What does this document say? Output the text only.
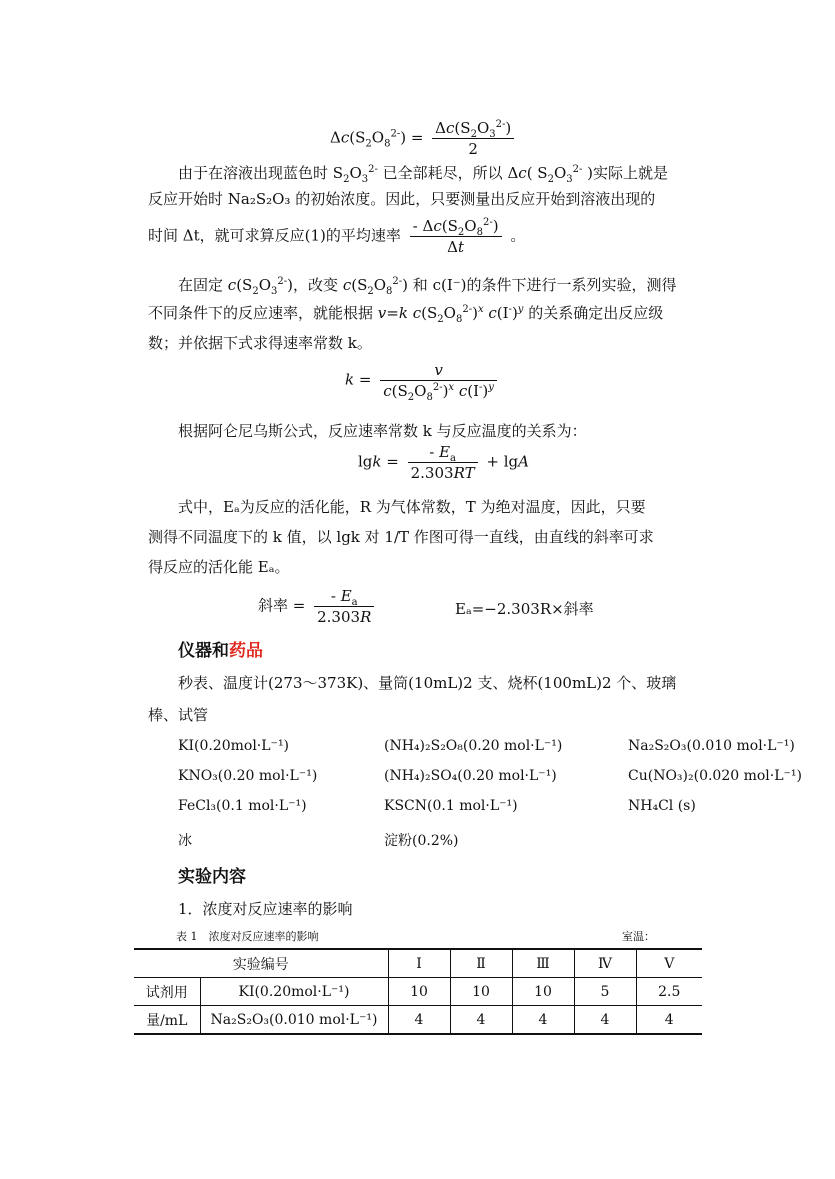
$\Delta c(S_2O_8^{2-}) = \frac{\Delta c(S_2O_3^{2-})}{2}$
由于在溶液出现蓝色时 $S_2O_3^{2-}$ 已全部耗尽，所以 Δc( $S_2O_3^{2-}$ )实际上就是
反应开始时 Na₂S₂O₃ 的初始浓度。因此，只要测量出反应开始到溶液出现的
时间 Δt，就可求算反应(1)的平均速率 $\frac{- \Delta c(S_2O_8^{2-})}{\Delta t}$ 。
在固定 $c(S_2O_3^{2-})$，改变 $c(S_2O_8^{2-})$ 和 c(I⁻)的条件下进行一系列实验，测得
不同条件下的反应速率，就能根据 v=k $c(S_2O_8^{2-})^x$ $c(I^-)^y$ 的关系确定出反应级
数；并依据下式求得速率常数 k。
$k = \frac{v}{c(S_2O_8^{2-})^x c(I^-)^y}$
根据阿仑尼乌斯公式，反应速率常数 k 与反应温度的关系为：
$\lg k = \frac{- E_a}{2.303RT} + \lg A$
式中，Eₐ为反应的活化能，R 为气体常数，T 为绝对温度，因此，只要
测得不同温度下的 k 值，以 lgk 对 1/T 作图可得一直线，由直线的斜率可求
得反应的活化能 Eₐ。
斜率 = $\frac{- E_a}{2.303R}$	Eₐ=−2.303R×斜率
仪器和药品
秒表、温度计(273～373K)、量筒(10mL)2 支、烧杯(100mL)2 个、玻璃
棒、试管
KI(0.20mol·L⁻¹)	(NH₄)₂S₂O₈(0.20 mol·L⁻¹)	Na₂S₂O₃(0.010 mol·L⁻¹)
KNO₃(0.20 mol·L⁻¹)	(NH₄)₂SO₄(0.20 mol·L⁻¹)	Cu(NO₃)₂(0.020 mol·L⁻¹)
FeCl₃(0.1 mol·L⁻¹)	KSCN(0.1 mol·L⁻¹)	NH₄Cl (s)
冰	淀粉(0.2%)
实验内容
1．浓度对反应速率的影响
表 1　浓度对反应速率的影响	室温：
实验编号		Ⅰ	Ⅱ	Ⅲ	Ⅳ	Ⅴ
试剂用	KI(0.20mol·L⁻¹)	10	10	10	5	2.5
量/mL	Na₂S₂O₃(0.010 mol·L⁻¹)	4	4	4	4	4
